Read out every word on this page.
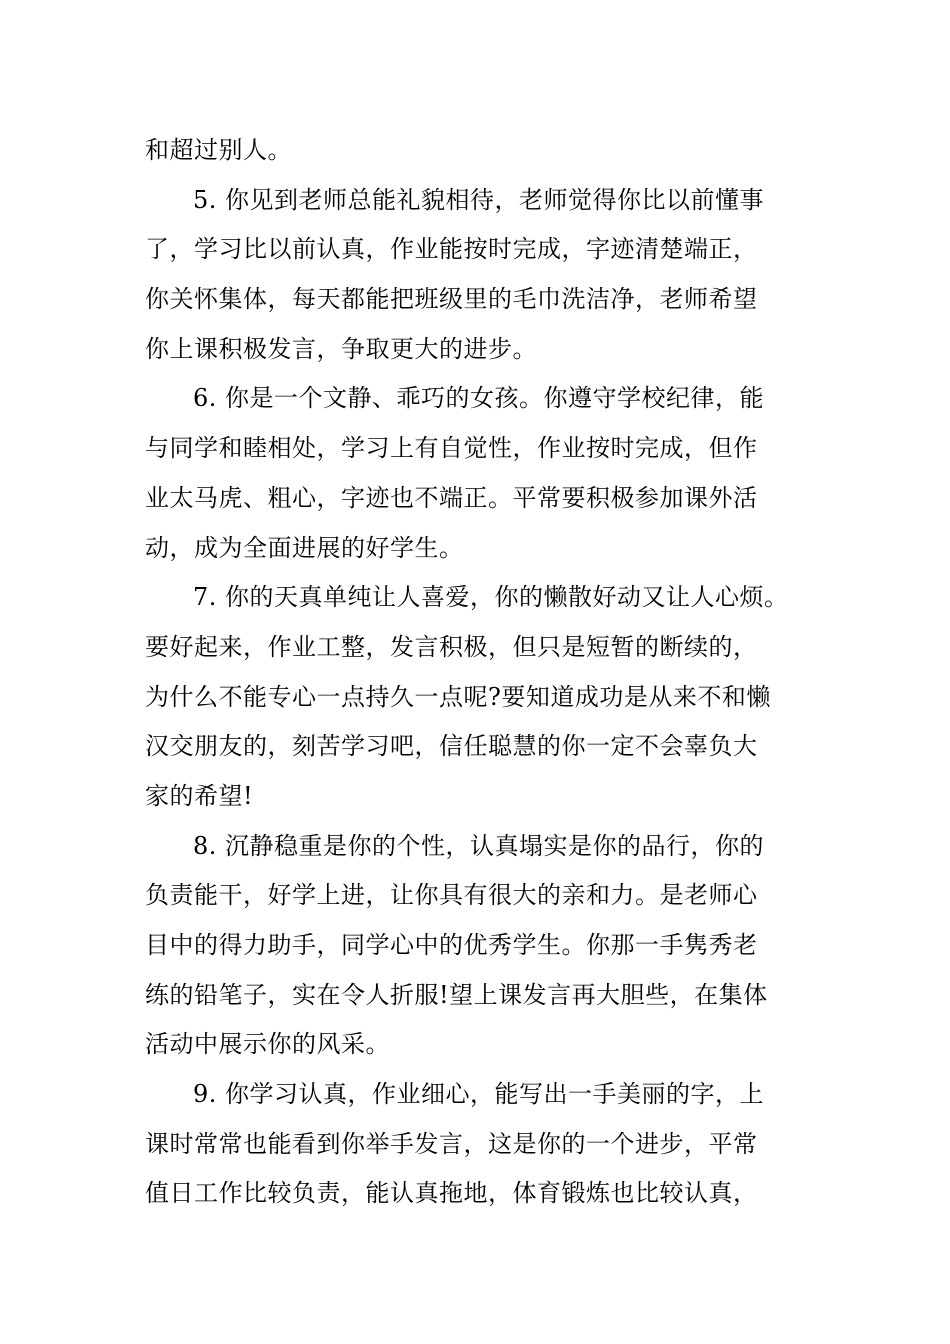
和超过别人。
5. 你见到老师总能礼貌相待，老师觉得你比以前懂事
了，学习比以前认真，作业能按时完成，字迹清楚端正，
你关怀集体，每天都能把班级里的毛巾洗洁净，老师希望
你上课积极发言，争取更大的进步。
6. 你是一个文静、乖巧的女孩。你遵守学校纪律，能
与同学和睦相处，学习上有自觉性，作业按时完成，但作
业太马虎、粗心，字迹也不端正。平常要积极参加课外活
动，成为全面进展的好学生。
7. 你的天真单纯让人喜爱，你的懒散好动又让人心烦。
要好起来，作业工整，发言积极，但只是短暂的断续的，
为什么不能专心一点持久一点呢?要知道成功是从来不和懒
汉交朋友的，刻苦学习吧，信任聪慧的你一定不会辜负大
家的希望!
8. 沉静稳重是你的个性，认真塌实是你的品行，你的
负责能干，好学上进，让你具有很大的亲和力。是老师心
目中的得力助手，同学心中的优秀学生。你那一手隽秀老
练的铅笔子，实在令人折服!望上课发言再大胆些，在集体
活动中展示你的风采。
9. 你学习认真，作业细心，能写出一手美丽的字，上
课时常常也能看到你举手发言，这是你的一个进步，平常
值日工作比较负责，能认真拖地，体育锻炼也比较认真，
